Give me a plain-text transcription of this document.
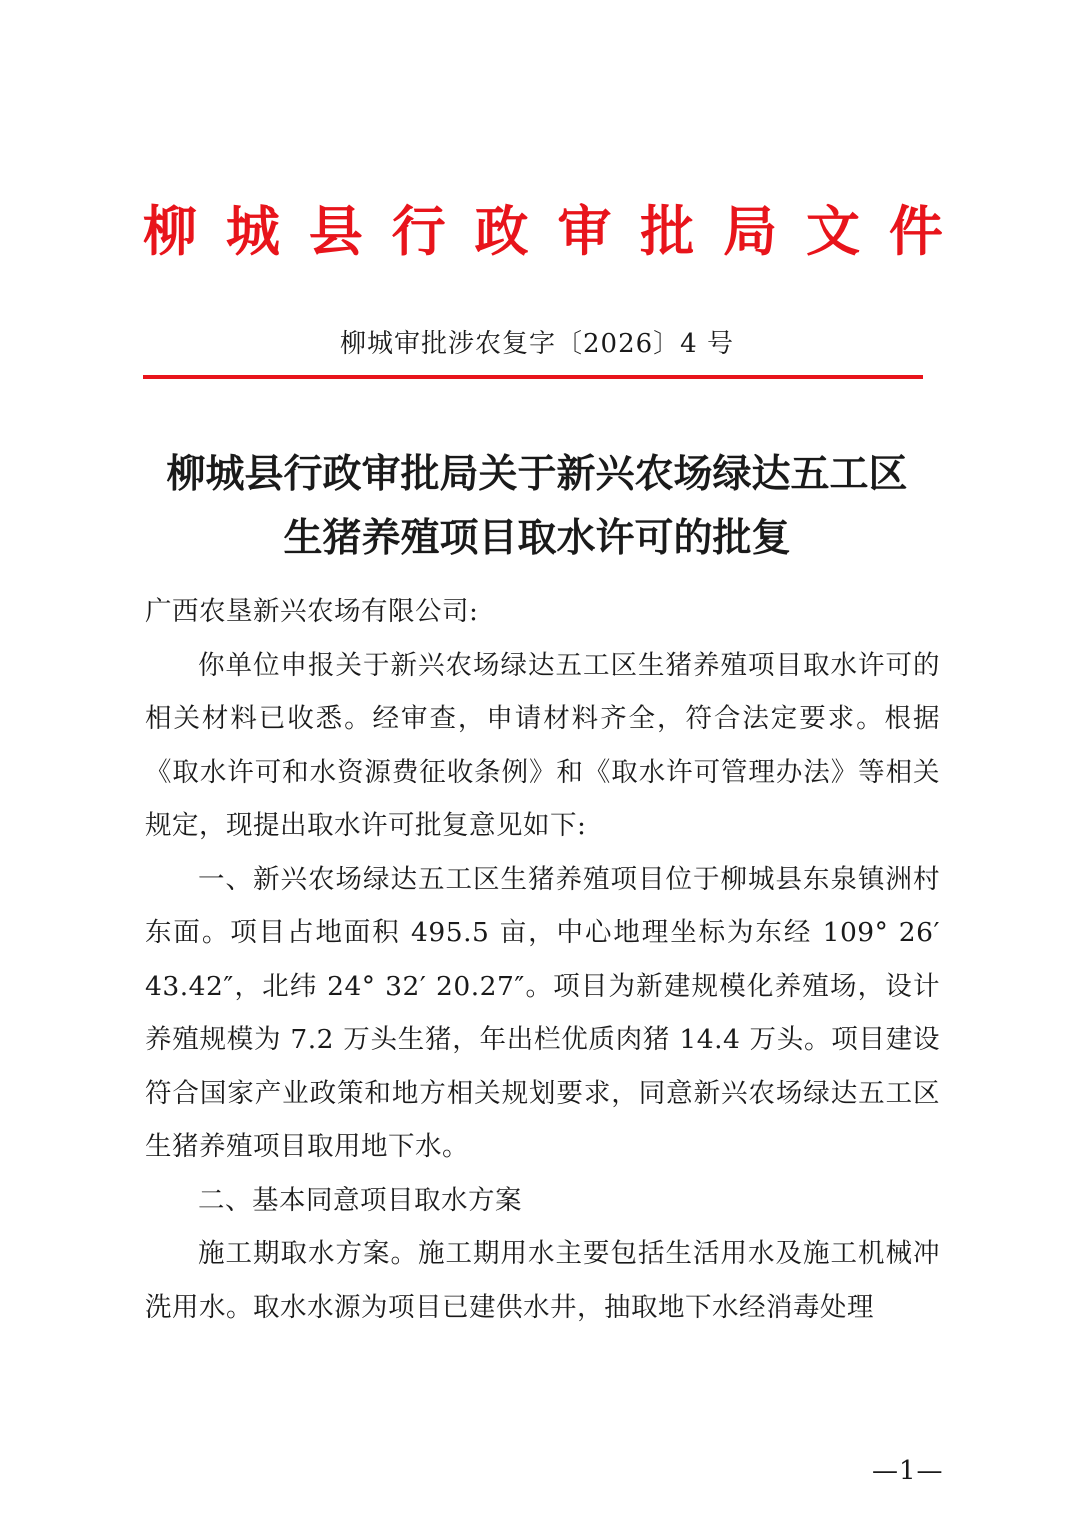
柳 城 县 行 政 审 批 局 文 件
柳城审批涉农复字〔2026〕4 号
柳城县行政审批局关于新兴农场绿达五工区
生猪养殖项目取水许可的批复

广西农垦新兴农场有限公司:

你单位申报关于新兴农场绿达五工区生猪养殖项目取水许可的相关材料已收悉。经审查，申请材料齐全，符合法定要求。根据《取水许可和水资源费征收条例》和《取水许可管理办法》等相关规定，现提出取水许可批复意见如下:

一、新兴农场绿达五工区生猪养殖项目位于柳城县东泉镇洲村东面。项目占地面积 495.5 亩，中心地理坐标为东经 109° 26′ 43.42″，北纬 24° 32′ 20.27″。项目为新建规模化养殖场，设计养殖规模为 7.2 万头生猪，年出栏优质肉猪 14.4 万头。项目建设符合国家产业政策和地方相关规划要求，同意新兴农场绿达五工区生猪养殖项目取用地下水。

二、基本同意项目取水方案

施工期取水方案。施工期用水主要包括生活用水及施工机械冲洗用水。取水水源为项目已建供水井，抽取地下水经消毒处理

—1—
